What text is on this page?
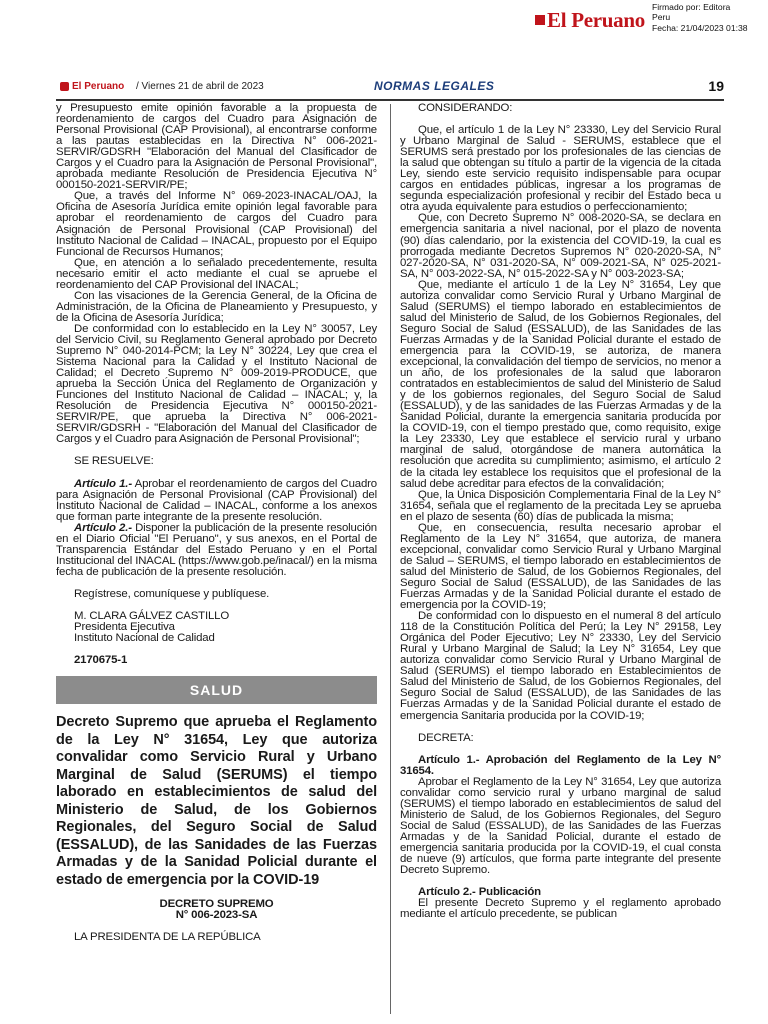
El Peruano
Firmado por: Editora
Peru
Fecha: 21/04/2023 01:38
El Peruano / Viernes 21 de abril de 2023	NORMAS LEGALES	19

y Presupuesto emite opinión favorable a la propuesta de reordenamiento de cargos del Cuadro para Asignación de Personal Provisional (CAP Provisional), al encontrarse conforme a las pautas establecidas en la Directiva N° 006-2021-SERVIR/GDSRH "Elaboración del Manual del Clasificador de Cargos y el Cuadro para la Asignación de Personal Provisional", aprobada mediante Resolución de Presidencia Ejecutiva N° 000150-2021-SERVIR/PE;

Que, a través del Informe N° 069-2023-INACAL/OAJ, la Oficina de Asesoría Jurídica emite opinión legal favorable para aprobar el reordenamiento de cargos del Cuadro para Asignación de Personal Provisional (CAP Provisional) del Instituto Nacional de Calidad – INACAL, propuesto por el Equipo Funcional de Recursos Humanos;

Que, en atención a lo señalado precedentemente, resulta necesario emitir el acto mediante el cual se apruebe el reordenamiento del CAP Provisional del INACAL;

Con las visaciones de la Gerencia General, de la Oficina de Administración, de la Oficina de Planeamiento y Presupuesto, y de la Oficina de Asesoría Jurídica;

De conformidad con lo establecido en la Ley N° 30057, Ley del Servicio Civil, su Reglamento General aprobado por Decreto Supremo N° 040-2014-PCM; la Ley N° 30224, Ley que crea el Sistema Nacional para la Calidad y el Instituto Nacional de Calidad; el Decreto Supremo N° 009-2019-PRODUCE, que aprueba la Sección Única del Reglamento de Organización y Funciones del Instituto Nacional de Calidad – INACAL; y, la Resolución de Presidencia Ejecutiva N° 000150-2021-SERVIR/PE, que aprueba la Directiva N° 006-2021-SERVIR/GDSRH - "Elaboración del Manual del Clasificador de Cargos y el Cuadro para Asignación de Personal Provisional";

SE RESUELVE:

Artículo 1.- Aprobar el reordenamiento de cargos del Cuadro para Asignación de Personal Provisional (CAP Provisional) del Instituto Nacional de Calidad – INACAL, conforme a los anexos que forman parte integrante de la presente resolución.

Artículo 2.- Disponer la publicación de la presente resolución en el Diario Oficial "El Peruano", y sus anexos, en el Portal de Transparencia Estándar del Estado Peruano y en el Portal Institucional del INACAL (https://www.gob.pe/inacal/) en la misma fecha de publicación de la presente resolución.

Regístrese, comuníquese y publíquese.

M. CLARA GÁLVEZ CASTILLO

Presidenta Ejecutiva

Instituto Nacional de Calidad

2170675-1

SALUD

Decreto Supremo que aprueba el Reglamento de la Ley N° 31654, Ley que autoriza convalidar como Servicio Rural y Urbano Marginal de Salud (SERUMS) el tiempo laborado en establecimientos de salud del Ministerio de Salud, de los Gobiernos Regionales, del Seguro Social de Salud (ESSALUD), de las Sanidades de las Fuerzas Armadas y de la Sanidad Policial durante el estado de emergencia por la COVID-19

DECRETO SUPREMO

N° 006-2023-SA

LA PRESIDENTA DE LA REPÚBLICA

CONSIDERANDO:

Que, el artículo 1 de la Ley N° 23330, Ley del Servicio Rural y Urbano Marginal de Salud - SERUMS, establece que el SERUMS será prestado por los profesionales de las ciencias de la salud que obtengan su título a partir de la vigencia de la citada Ley, siendo este servicio requisito indispensable para ocupar cargos en entidades públicas, ingresar a los programas de segunda especialización profesional y recibir del Estado beca u otra ayuda equivalente para estudios o perfeccionamiento;

Que, con Decreto Supremo N° 008-2020-SA, se declara en emergencia sanitaria a nivel nacional, por el plazo de noventa (90) días calendario, por la existencia del COVID-19, la cual es prorrogada mediante Decretos Supremos N° 020-2020-SA, N° 027-2020-SA, N° 031-2020-SA, N° 009-2021-SA, N° 025-2021-SA, N° 003-2022-SA, N° 015-2022-SA y N° 003-2023-SA;

Que, mediante el artículo 1 de la Ley N° 31654, Ley que autoriza convalidar como Servicio Rural y Urbano Marginal de Salud (SERUMS) el tiempo laborado en establecimientos de salud del Ministerio de Salud, de los Gobiernos Regionales, del Seguro Social de Salud (ESSALUD), de las Sanidades de las Fuerzas Armadas y de la Sanidad Policial durante el estado de emergencia para la COVID-19, se autoriza, de manera excepcional, la convalidación del tiempo de servicios, no menor a un año, de los profesionales de la salud que laboraron contratados en establecimientos de salud del Ministerio de Salud y de los gobiernos regionales, del Seguro Social de Salud (ESSALUD), y de las sanidades de las Fuerzas Armadas y de la Sanidad Policial, durante la emergencia sanitaria producida por la COVID-19, con el tiempo prestado que, como requisito, exige la Ley 23330, Ley que establece el servicio rural y urbano marginal de salud, otorgándose de manera automática la resolución que acredita su cumplimiento; asimismo, el artículo 2 de la citada ley establece los requisitos que el profesional de la salud debe acreditar para efectos de la convalidación;

Que, la Única Disposición Complementaria Final de la Ley N° 31654, señala que el reglamento de la precitada Ley se aprueba en el plazo de sesenta (60) días de publicada la misma;

Que, en consecuencia, resulta necesario aprobar el Reglamento de la Ley N° 31654, que autoriza, de manera excepcional, convalidar como Servicio Rural y Urbano Marginal de Salud – SERUMS, el tiempo laborado en establecimientos de salud del Ministerio de Salud, de los Gobiernos Regionales, del Seguro Social de Salud (ESSALUD), de las Sanidades de las Fuerzas Armadas y de la Sanidad Policial durante el estado de emergencia por la COVID-19;

De conformidad con lo dispuesto en el numeral 8 del artículo 118 de la Constitución Política del Perú; la Ley N° 29158, Ley Orgánica del Poder Ejecutivo; Ley N° 23330, Ley del Servicio Rural y Urbano Marginal de Salud; la Ley N° 31654, Ley que autoriza convalidar como Servicio Rural y Urbano Marginal de Salud (SERUMS) el tiempo laborado en Establecimientos de Salud del Ministerio de Salud, de los Gobiernos Regionales, del Seguro Social de Salud (ESSALUD), de las Sanidades de las Fuerzas Armadas y de la Sanidad Policial durante el estado de emergencia Sanitaria producida por la COVID-19;

DECRETA:

Artículo 1.- Aprobación del Reglamento de la Ley N° 31654.

Aprobar el Reglamento de la Ley N° 31654, Ley que autoriza convalidar como servicio rural y urbano marginal de salud (SERUMS) el tiempo laborado en establecimientos de salud del Ministerio de Salud, de los Gobiernos Regionales, del Seguro Social de Salud (ESSALUD), de las Sanidades de las Fuerzas Armadas y de la Sanidad Policial, durante el estado de emergencia sanitaria producida por la COVID-19, el cual consta de nueve (9) artículos, que forma parte integrante del presente Decreto Supremo.

Artículo 2.- Publicación

El presente Decreto Supremo y el reglamento aprobado mediante el artículo precedente, se publican
